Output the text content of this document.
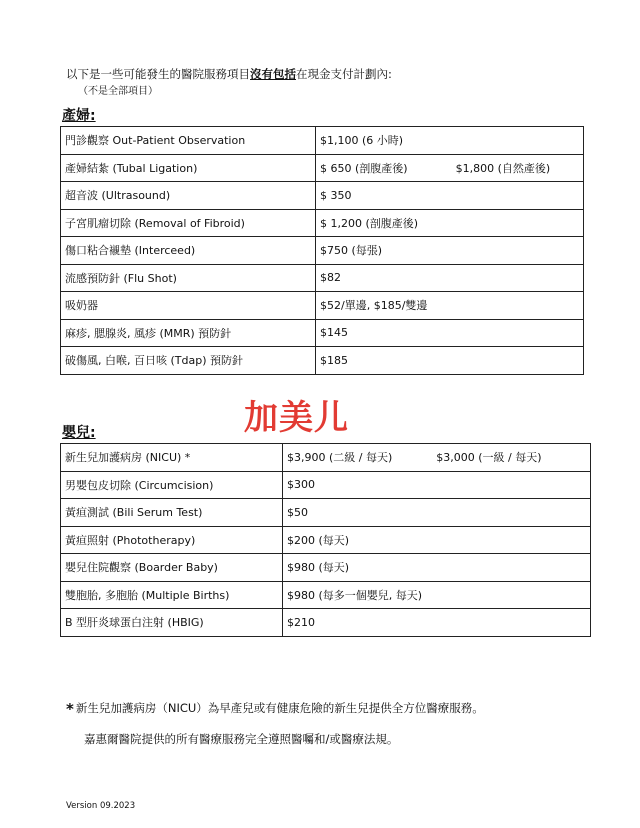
以下是一些可能發生的醫院服務項目沒有包括在現金支付計劃內:
（不是全部項目）
產婦:
門診觀察 Out-Patient Observation	$1,100 (6 小時)
產婦結紮 (Tubal Ligation)	$ 650 (剖腹產後) $1,800 (自然產後)
超音波 (Ultrasound)	$ 350
子宮肌瘤切除 (Removal of Fibroid)	$ 1,200 (剖腹產後)
傷口粘合襯墊 (Interceed)	$750 (每張)
流感預防針 (Flu Shot)	$82
吸奶器	$52/單邊, $185/雙邊
麻疹, 腮腺炎, 風疹 (MMR) 預防針	$145
破傷風, 白喉, 百日咳 (Tdap) 預防針	$185
加美儿
嬰兒:
新生兒加護病房 (NICU) *	$3,900 (二級 / 每天) $3,000 (一級 / 每天)
男嬰包皮切除 (Circumcision)	$300
黃疸測試 (Bili Serum Test)	$50
黃疸照射 (Phototherapy)	$200 (每天)
嬰兒住院觀察 (Boarder Baby)	$980 (每天)
雙胞胎, 多胞胎 (Multiple Births)	$980 (每多一個嬰兒, 每天)
B 型肝炎球蛋白注射 (HBIG)	$210
* 新生兒加護病房（NICU）為早產兒或有健康危險的新生兒提供全方位醫療服務。
嘉惠爾醫院提供的所有醫療服務完全遵照醫囑和/或醫療法規。
Version 09.2023
